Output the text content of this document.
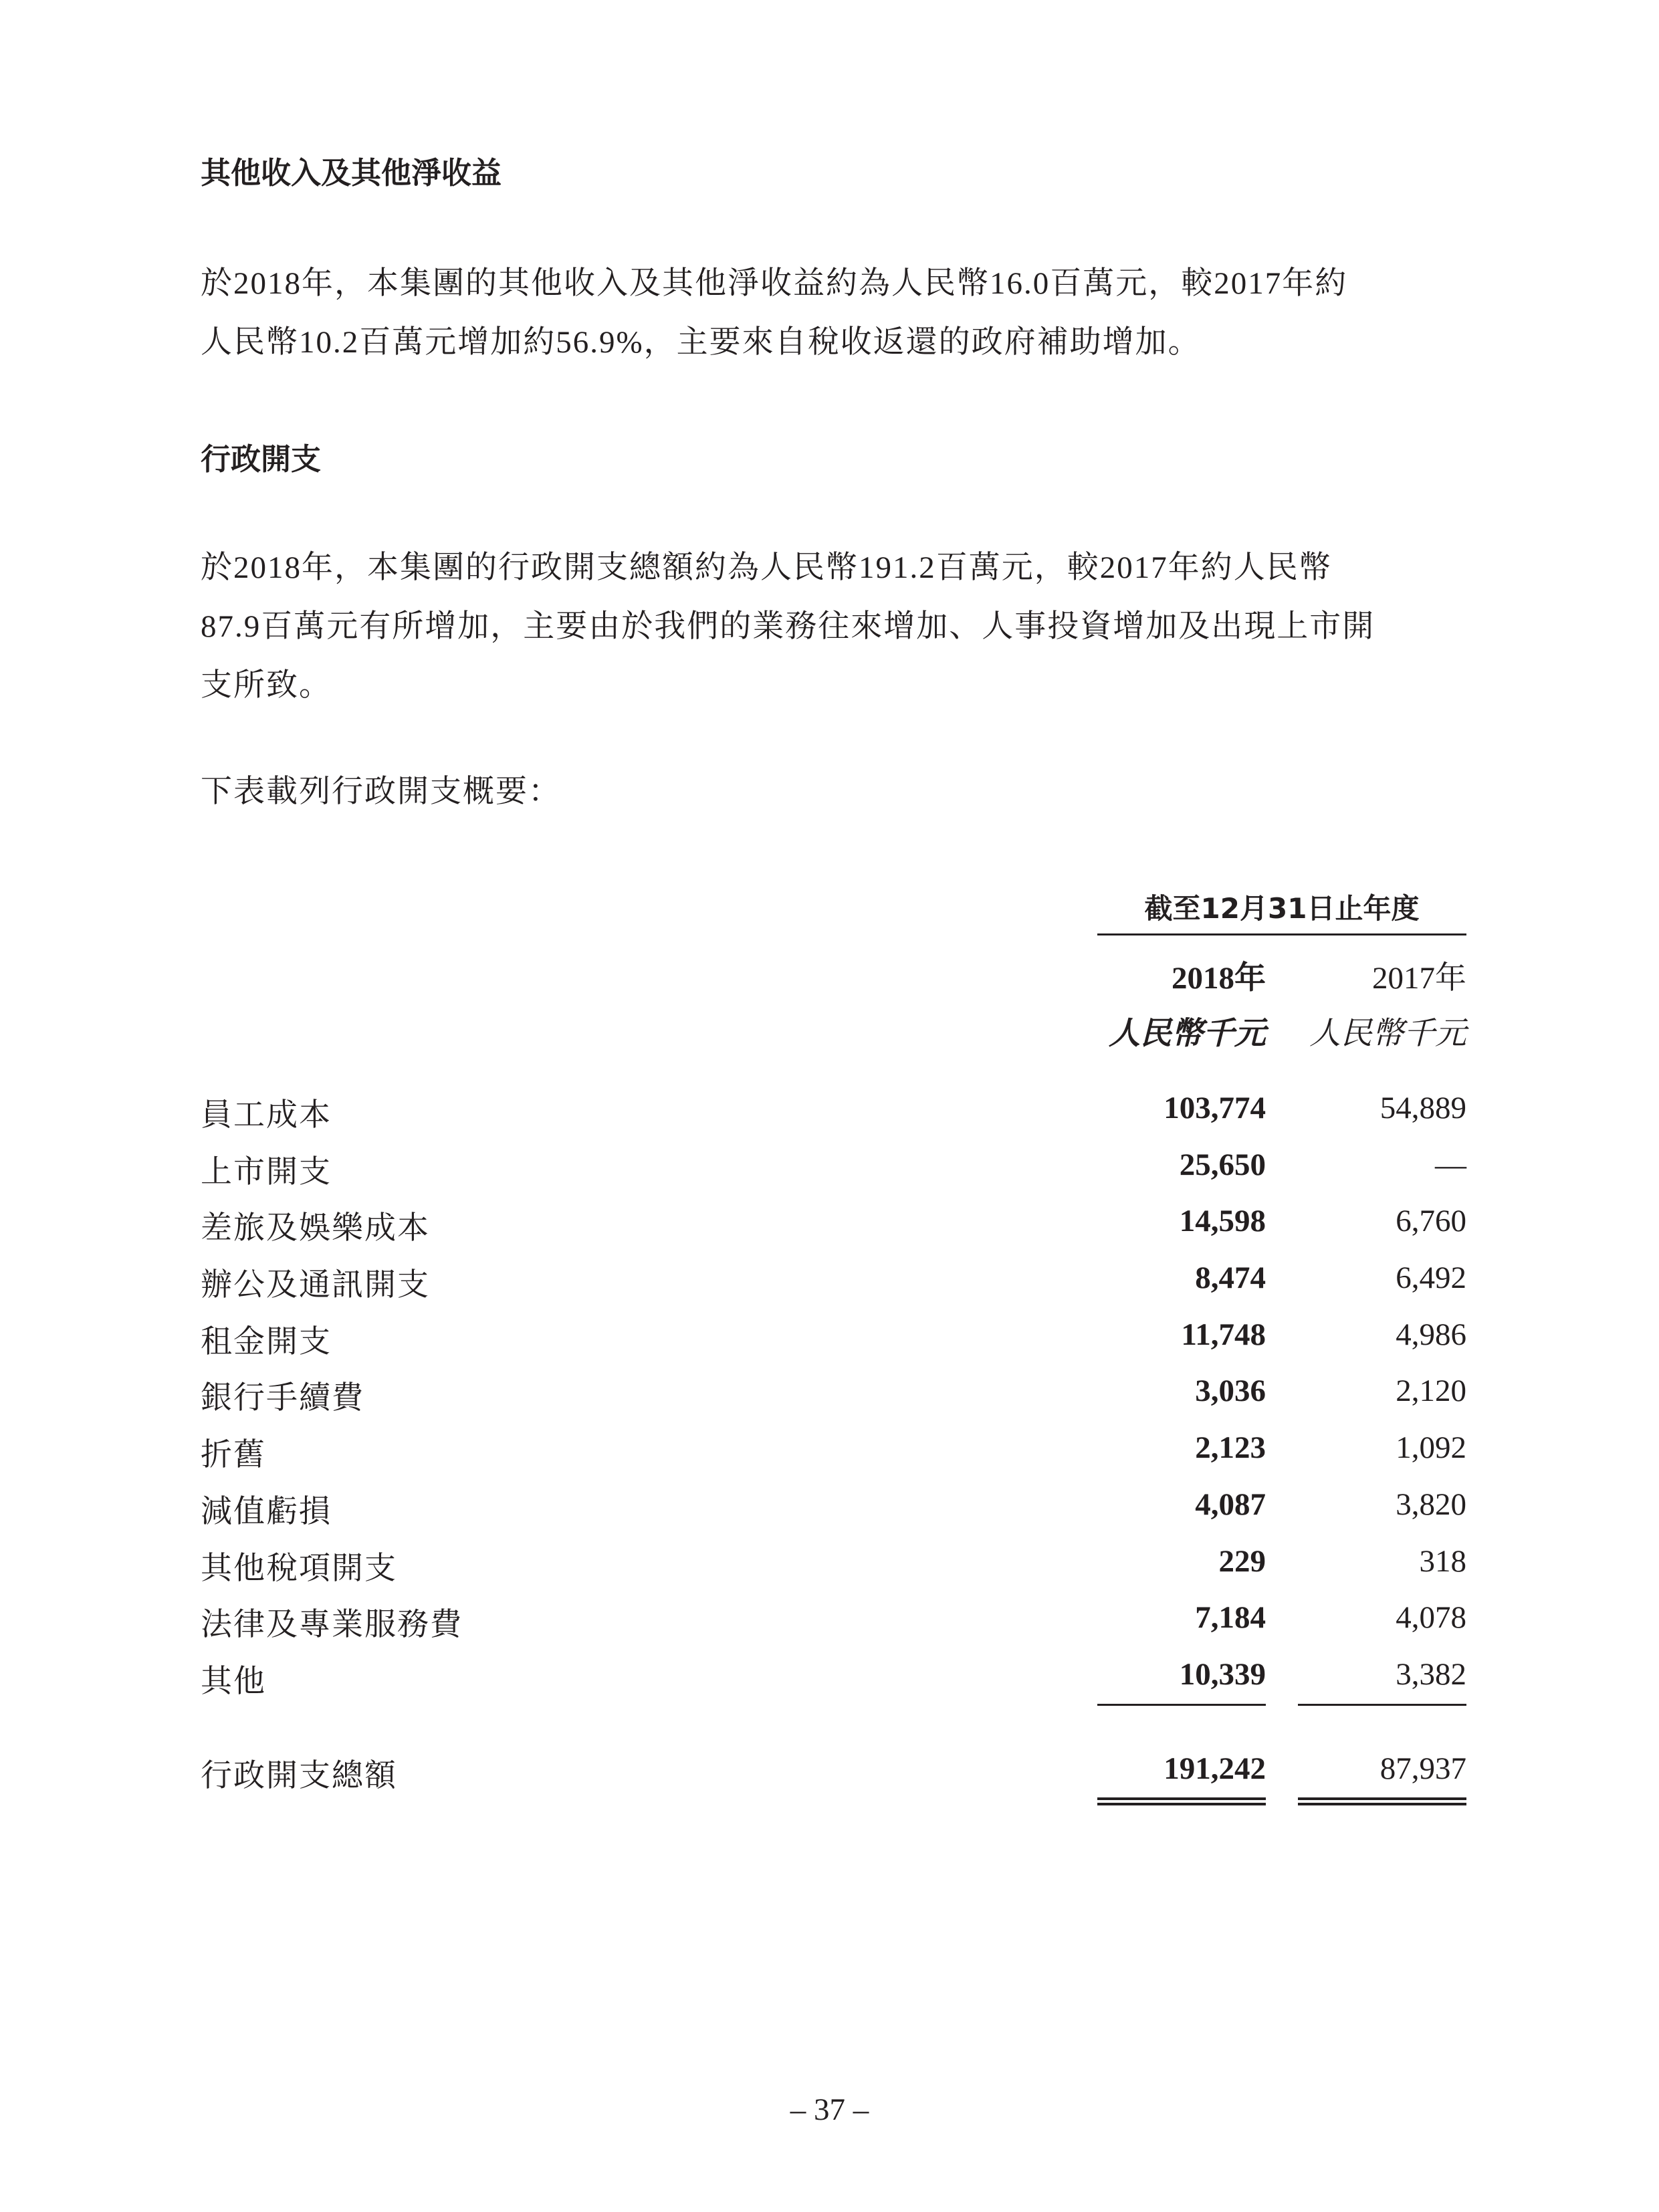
其他收入及其他淨收益
於2018年，本集團的其他收入及其他淨收益約為人民幣16.0百萬元，較2017年約
人民幣10.2百萬元增加約56.9%，主要來自稅收返還的政府補助增加。
行政開支
於2018年，本集團的行政開支總額約為人民幣191.2百萬元，較2017年約人民幣
87.9百萬元有所增加，主要由於我們的業務往來增加、人事投資增加及出現上市開
支所致。
下表載列行政開支概要：
截至12月31日止年度
2018年	2017年
人民幣千元	人民幣千元
員工成本	103,774	54,889
上市開支	25,650	—
差旅及娛樂成本	14,598	6,760
辦公及通訊開支	8,474	6,492
租金開支	11,748	4,986
銀行手續費	3,036	2,120
折舊	2,123	1,092
減值虧損	4,087	3,820
其他稅項開支	229	318
法律及專業服務費	7,184	4,078
其他	10,339	3,382
行政開支總額	191,242	87,937
– 37 –
